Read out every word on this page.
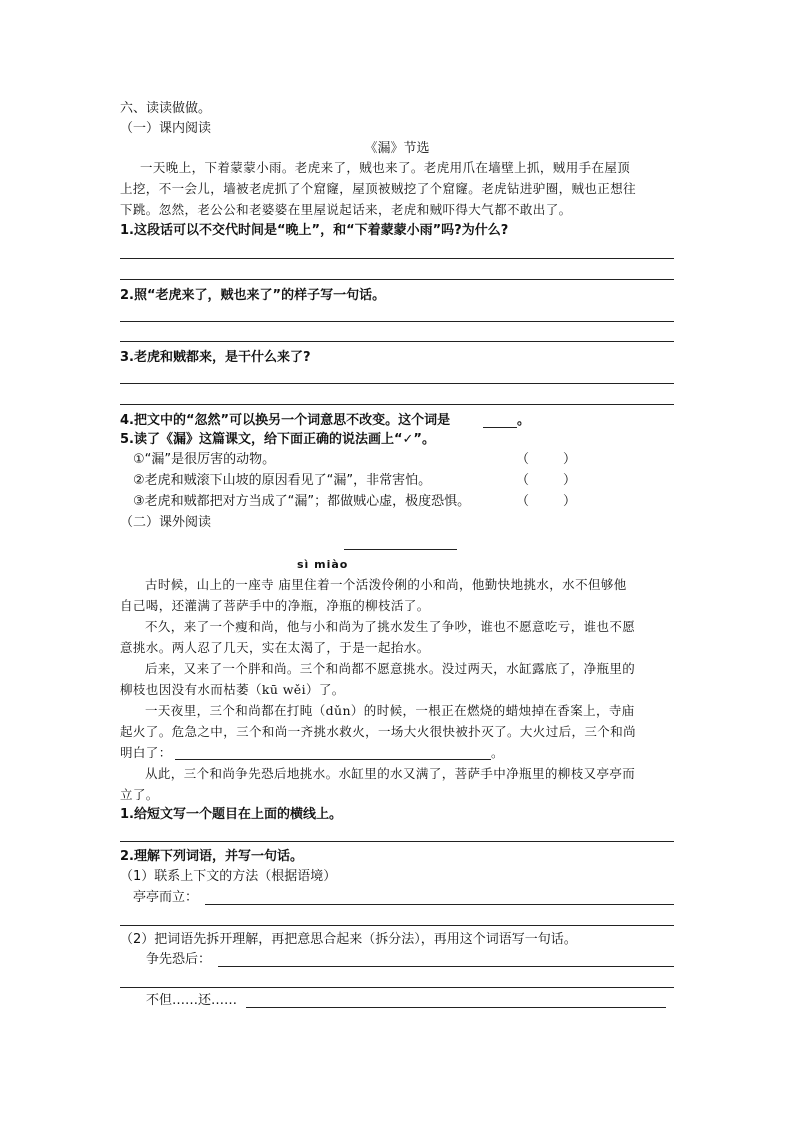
六、读读做做。
（一）课内阅读
《漏》节选
一天晚上，下着蒙蒙小雨。老虎来了，贼也来了。老虎用爪在墙壁上抓，贼用手在屋顶
上挖，不一会儿，墙被老虎抓了个窟窿，屋顶被贼挖了个窟窿。老虎钻进驴圈，贼也正想往
下跳。忽然，老公公和老婆婆在里屋说起话来，老虎和贼吓得大气都不敢出了。
1.这段话可以不交代时间是“晚上”，和“下着蒙蒙小雨”吗?为什么?
2.照“老虎来了，贼也来了”的样子写一句话。
3.老虎和贼都来，是干什么来了?
4.把文中的“忽然”可以换另一个词意思不改变。这个词是	。
5.读了《漏》这篇课文，给下面正确的说法画上“✓”。
①“漏”是很厉害的动物。	（	）
②老虎和贼滚下山坡的原因看见了“漏”，非常害怕。	（	）
③老虎和贼都把对方当成了“漏”；都做贼心虚，极度恐惧。	（	）
（二）课外阅读
sì miào
古时候，山上的一座寺 庙里住着一个活泼伶俐的小和尚，他勤快地挑水，水不但够他
自己喝，还灌满了菩萨手中的净瓶，净瓶的柳枝活了。
不久，来了一个瘦和尚，他与小和尚为了挑水发生了争吵，谁也不愿意吃亏，谁也不愿
意挑水。两人忍了几天，实在太渴了，于是一起抬水。
后来，又来了一个胖和尚。三个和尚都不愿意挑水。没过两天，水缸露底了，净瓶里的
柳枝也因没有水而枯萎（kū wěi）了。
一天夜里，三个和尚都在打盹（dǔn）的时候，一根正在燃烧的蜡烛掉在香案上，寺庙
起火了。危急之中，三个和尚一齐挑水救火，一场大火很快被扑灭了。大火过后，三个和尚
明白了：	。
从此，三个和尚争先恐后地挑水。水缸里的水又满了，菩萨手中净瓶里的柳枝又亭亭而
立了。
1.给短文写一个题目在上面的横线上。
2.理解下列词语，并写一句话。
（1）联系上下文的方法（根据语境）
亭亭而立：
（2）把词语先拆开理解，再把意思合起来（拆分法），再用这个词语写一句话。
争先恐后：
不但……还……
